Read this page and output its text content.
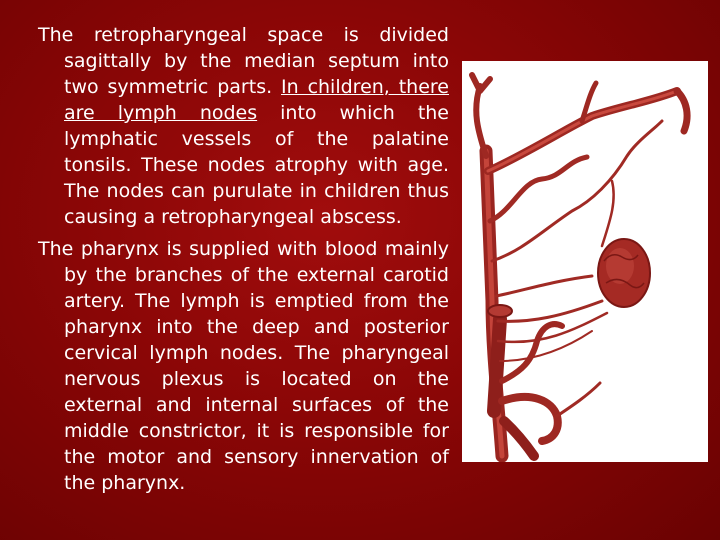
The retropharyngeal space is divided sagittally by the median septum into two symmetric parts. In children, there are lymph nodes into which the lymphatic vessels of the palatine tonsils. These nodes atrophy with age. The nodes can purulate in children thus causing a retropharyngeal abscess.

The pharynx is supplied with blood mainly by the branches of the external carotid artery. The lymph is emptied from the pharynx into the deep and posterior cervical lymph nodes. The pharyngeal nervous plexus is located on the external and internal surfaces of the middle constrictor, it is responsible for the motor and sensory innervation of the pharynx.
